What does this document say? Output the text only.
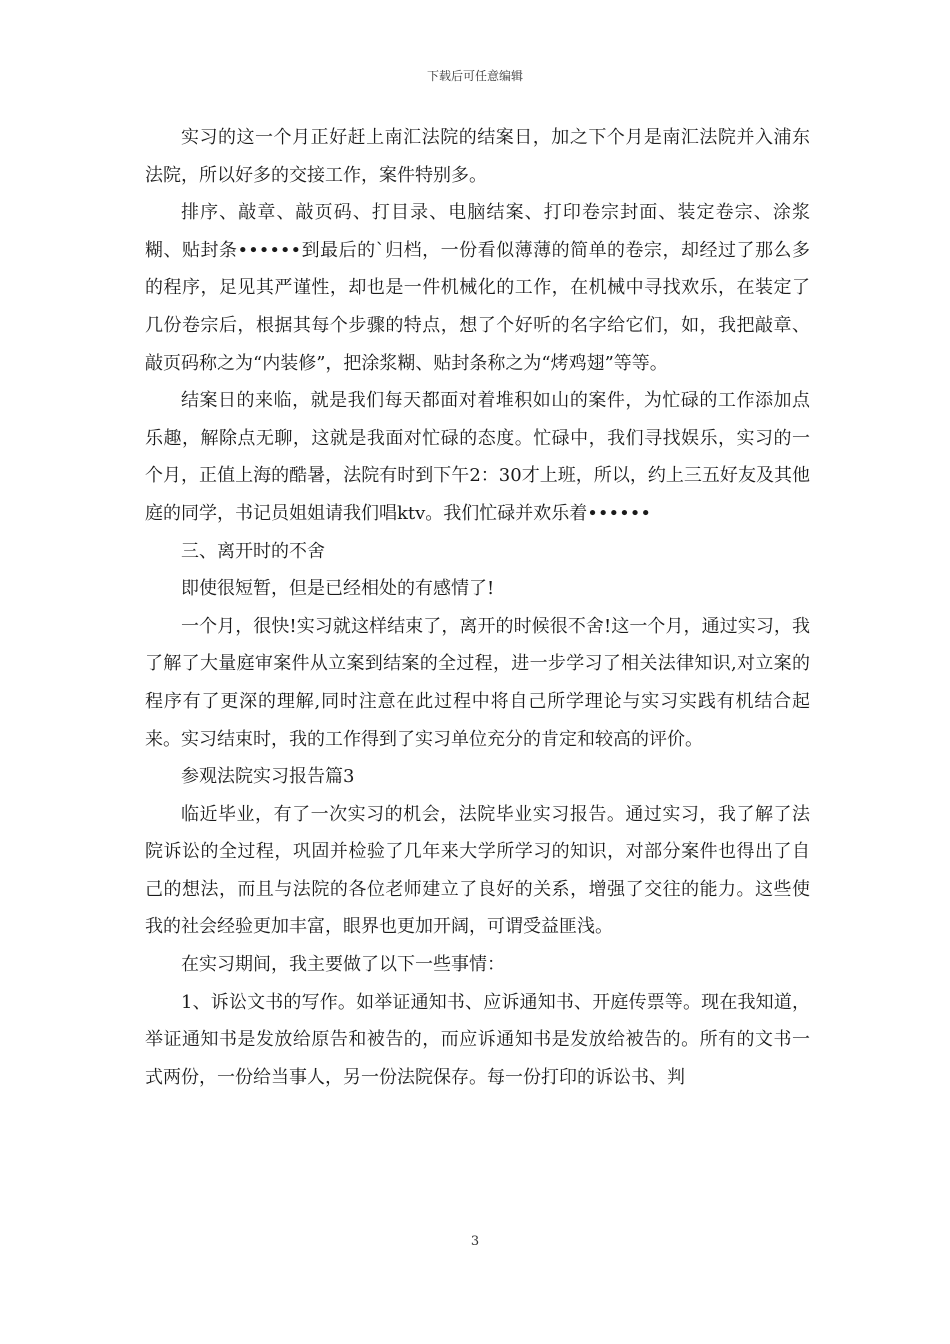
下载后可任意编辑

实习的这一个月正好赶上南汇法院的结案日，加之下个月是南汇法院并入浦东法院，所以好多的交接工作，案件特别多。

排序、敲章、敲页码、打目录、电脑结案、打印卷宗封面、装定卷宗、涂浆糊、贴封条••••••到最后的`归档，一份看似薄薄的简单的卷宗，却经过了那么多的程序，足见其严谨性，却也是一件机械化的工作，在机械中寻找欢乐，在装定了几份卷宗后，根据其每个步骤的特点，想了个好听的名字给它们，如，我把敲章、敲页码称之为“内装修”，把涂浆糊、贴封条称之为“烤鸡翅”等等。

结案日的来临，就是我们每天都面对着堆积如山的案件，为忙碌的工作添加点乐趣，解除点无聊，这就是我面对忙碌的态度。忙碌中，我们寻找娱乐，实习的一个月，正值上海的酷暑，法院有时到下午2：30才上班，所以，约上三五好友及其他庭的同学，书记员姐姐请我们唱ktv。我们忙碌并欢乐着••••••

三、离开时的不舍

即使很短暂，但是已经相处的有感情了!

一个月，很快!实习就这样结束了，离开的时候很不舍!这一个月，通过实习，我了解了大量庭审案件从立案到结案的全过程，进一步学习了相关法律知识,对立案的程序有了更深的理解,同时注意在此过程中将自己所学理论与实习实践有机结合起来。实习结束时，我的工作得到了实习单位充分的肯定和较高的评价。

参观法院实习报告篇3

临近毕业，有了一次实习的机会，法院毕业实习报告。通过实习，我了解了法院诉讼的全过程，巩固并检验了几年来大学所学习的知识，对部分案件也得出了自己的想法，而且与法院的各位老师建立了良好的关系，增强了交往的能力。这些使我的社会经验更加丰富，眼界也更加开阔，可谓受益匪浅。

在实习期间，我主要做了以下一些事情：

1、诉讼文书的写作。如举证通知书、应诉通知书、开庭传票等。现在我知道，举证通知书是发放给原告和被告的，而应诉通知书是发放给被告的。所有的文书一式两份，一份给当事人，另一份法院保存。每一份打印的诉讼书、判

3
